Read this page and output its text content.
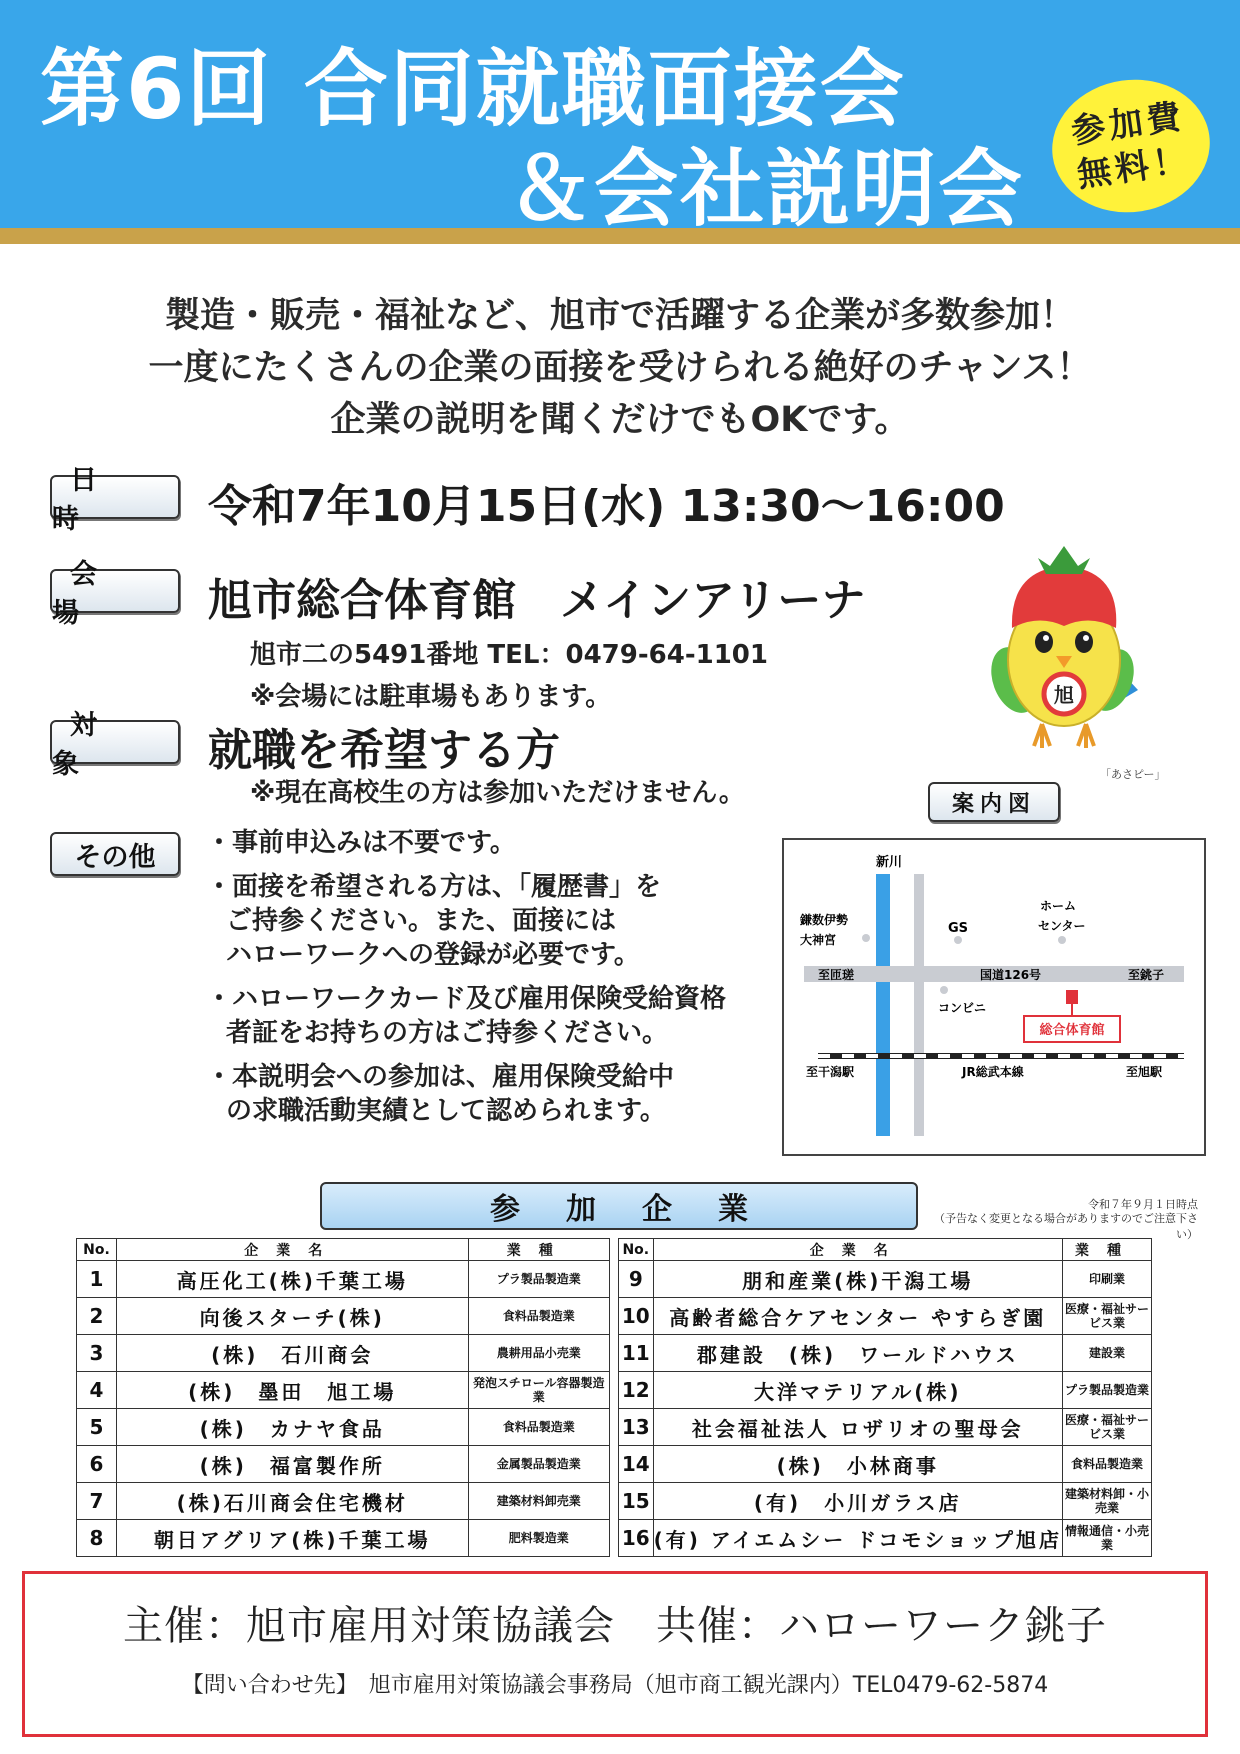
第6回 合同就職面接会
＆会社説明会
参加費
無料！
製造・販売・福祉など、旭市で活躍する企業が多数参加！
一度にたくさんの企業の面接を受けられる絶好のチャンス！
企業の説明を聞くだけでもOKです。
日 時	令和7年10月15日(水) 13:30〜16:00
会 場	旭市総合体育館　メインアリーナ
旭市二の5491番地 TEL：0479-64-1101
※会場には駐車場もあります。
対 象	就職を希望する方
※現在高校生の方は参加いただけません。
その他	・事前申込みは不要です。
・面接を希望される方は、「履歴書」を
ご持参ください。また、面接には
ハローワークへの登録が必要です。
・ハローワークカード及び雇用保険受給資格
者証をお持ちの方はご持参ください。
・本説明会への参加は、雇用保険受給中
の求職活動実績として認められます。
旭
「あさピー」
案内図
新川
至匝瑳	国道126号	至銚子
鎌数伊勢
大神宮
GS
ホーム
センター
コンビニ
総合体育館
至干潟駅	JR総武本線	至旭駅
参加企業	令和７年９月１日時点
（予告なく変更となる場合がありますのでご注意下さい）
No.	企業名	業種
1	高圧化工(株)千葉工場	プラ製品製造業
2	向後スターチ(株)	食料品製造業
3	(株)　石川商会	農耕用品小売業
4	(株)　墨田　旭工場	発泡スチロール容器製造業
5	(株)　カナヤ食品	食料品製造業
6	(株)　福富製作所	金属製品製造業
7	(株)石川商会住宅機材	建築材料卸売業
8	朝日アグリア(株)千葉工場	肥料製造業
No.	企業名	業種
9	朋和産業(株)干潟工場	印刷業
10	高齢者総合ケアセンター やすらぎ園	医療・福祉サービス業
11	郡建設　(株)　ワールドハウス	建設業
12	大洋マテリアル(株)	プラ製品製造業
13	社会福祉法人 ロザリオの聖母会	医療・福祉サービス業
14	(株)　小林商事	食料品製造業
15	(有)　小川ガラス店	建築材料卸・小売業
16	(有) アイエムシー ドコモショップ旭店	情報通信・小売業
主催：旭市雇用対策協議会　共催：ハローワーク銚子
【問い合わせ先】　旭市雇用対策協議会事務局（旭市商工観光課内）TEL0479-62-5874
